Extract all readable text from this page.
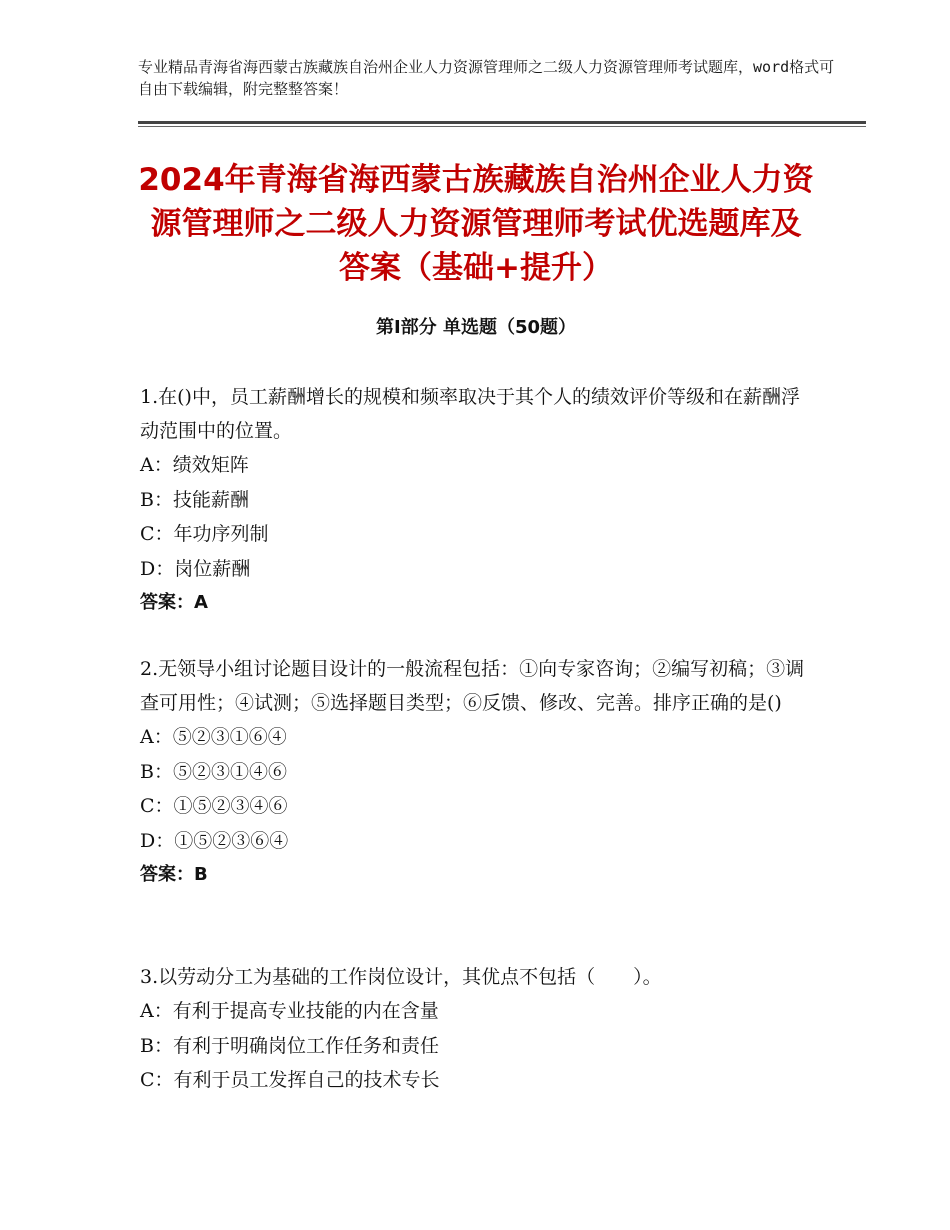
专业精品青海省海西蒙古族藏族自治州企业人力资源管理师之二级人力资源管理师考试题库，word格式可自由下载编辑，附完整整答案！
2024年青海省海西蒙古族藏族自治州企业人力资源管理师之二级人力资源管理师考试优选题库及答案（基础+提升）
第Ⅰ部分 单选题（50题）

1.在()中，员工薪酬增长的规模和频率取决于其个人的绩效评价等级和在薪酬浮动范围中的位置。

A：绩效矩阵

B：技能薪酬

C：年功序列制

D：岗位薪酬

答案：A

2.无领导小组讨论题目设计的一般流程包括：①向专家咨询；②编写初稿；③调查可用性；④试测；⑤选择题目类型；⑥反馈、修改、完善。排序正确的是()

A：⑤②③①⑥④

B：⑤②③①④⑥

C：①⑤②③④⑥

D：①⑤②③⑥④

答案：B

3.以劳动分工为基础的工作岗位设计，其优点不包括（　　）。

A：有利于提高专业技能的内在含量

B：有利于明确岗位工作任务和责任

C：有利于员工发挥自己的技术专长
